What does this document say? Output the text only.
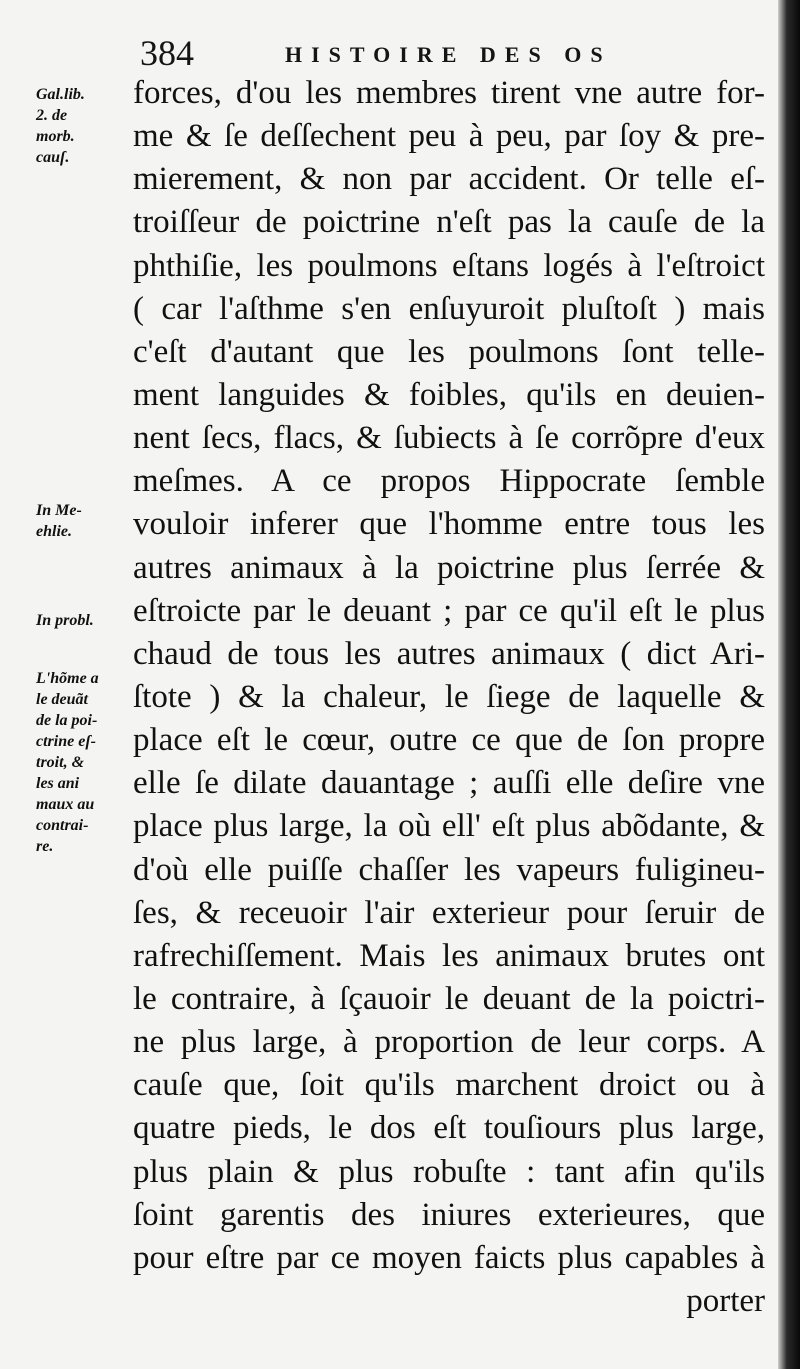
384	HISTOIRE DES OS
Gal.lib.
2. de
morb.
cauſ.
In Me-
ehlie.
In probl.
L'hõme a
le deuãt
de la poi-
ctrine eſ-
troit, &
les ani
maux au
contrai-
re.
forces, d'ou les membres tirent vne autre for-
me & ſe deſſechent peu à peu, par ſoy & pre-
mierement, & non par accident. Or telle eſ-
troiſſeur de poictrine n'eſt pas la cauſe de la
phthiſie, les poulmons eſtans logés à l'eſtroict
( car l'aſthme s'en enſuyuroit pluſtoſt ) mais
c'eſt d'autant que les poulmons ſont telle-
ment languides & foibles, qu'ils en deuien-
nent ſecs, flacs, & ſubiects à ſe corrõpre d'eux
meſmes. A ce propos Hippocrate ſemble
vouloir inferer que l'homme entre tous les
autres animaux à la poictrine plus ſerrée &
eſtroicte par le deuant ; par ce qu'il eſt le plus
chaud de tous les autres animaux ( dict Ari-
ſtote ) & la chaleur, le ſiege de laquelle &
place eſt le cœur, outre ce que de ſon propre
elle ſe dilate dauantage ; auſſi elle deſire vne
place plus large, la où ell' eſt plus abõdante, &
d'où elle puiſſe chaſſer les vapeurs fuligineu-
ſes, & receuoir l'air exterieur pour ſeruir de
rafrechiſſement. Mais les animaux brutes ont
le contraire, à ſçauoir le deuant de la poictri-
ne plus large, à proportion de leur corps. A
cauſe que, ſoit qu'ils marchent droict ou à
quatre pieds, le dos eſt touſiours plus large,
plus plain & plus robuſte : tant afin qu'ils
ſoint garentis des iniures exterieures, que
pour eſtre par ce moyen faicts plus capables à
porter
